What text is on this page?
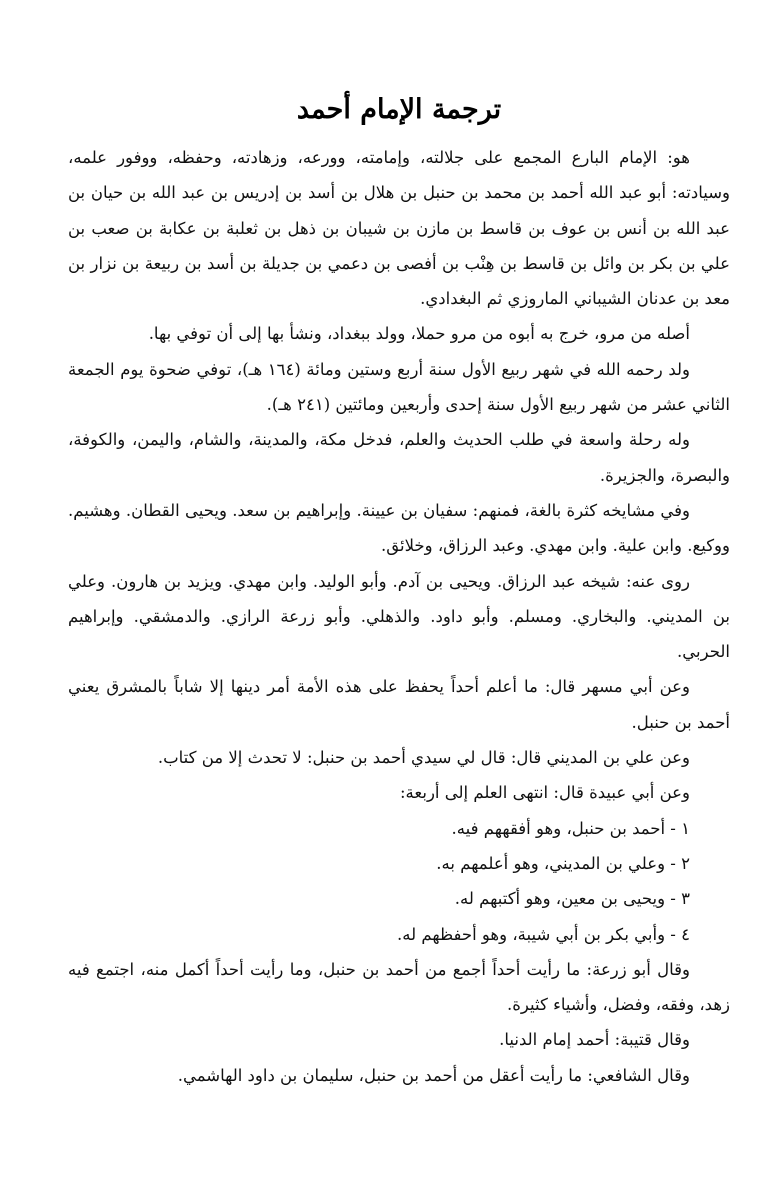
ترجمة الإمام أحمد

هو: الإمام البارع المجمع على جلالته، وإمامته، وورعه، وزهادته، وحفظه، ووفور علمه، وسيادته: أبو عبد الله أحمد بن محمد بن حنبل بن هلال بن أسد بن إدريس بن عبد الله بن حيان بن عبد الله بن أنس بن عوف بن قاسط بن مازن بن شيبان بن ذهل بن ثعلبة بن عكابة بن صعب بن علي بن بكر بن وائل بن قاسط بن هِنْب بن أفصى بن دعمي بن جديلة بن أسد بن ربيعة بن نزار بن معد بن عدنان الشيباني الماروزي ثم البغدادي.

أصله من مرو، خرج به أبوه من مرو حملا، وولد ببغداد، ونشأ بها إلى أن توفي بها.

ولد رحمه الله في شهر ربيع الأول سنة أربع وستين ومائة (١٦٤ هـ)، توفي ضحوة يوم الجمعة الثاني عشر من شهر ربيع الأول سنة إحدى وأربعين ومائتين (٢٤١ هـ).

وله رحلة واسعة في طلب الحديث والعلم، فدخل مكة، والمدينة، والشام، واليمن، والكوفة، والبصرة، والجزيرة.

وفي مشايخه كثرة بالغة، فمنهم: سفيان بن عيينة. وإبراهيم بن سعد. ويحيى القطان. وهشيم. ووكيع. وابن علية. وابن مهدي. وعبد الرزاق، وخلائق.

روى عنه: شيخه عبد الرزاق. ويحيى بن آدم. وأبو الوليد. وابن مهدي. ويزيد بن هارون. وعلي بن المديني. والبخاري. ومسلم. وأبو داود. والذهلي. وأبو زرعة الرازي. والدمشقي. وإبراهيم الحربي.

وعن أبي مسهر قال: ما أعلم أحداً يحفظ على هذه الأمة أمر دينها إلا شاباً بالمشرق يعني أحمد بن حنبل.

وعن علي بن المديني قال: قال لي سيدي أحمد بن حنبل: لا تحدث إلا من كتاب.

وعن أبي عبيدة قال: انتهى العلم إلى أربعة:

١ - أحمد بن حنبل، وهو أفقههم فيه.

٢ - وعلي بن المديني، وهو أعلمهم به.

٣ - ويحيى بن معين، وهو أكتبهم له.

٤ - وأبي بكر بن أبي شيبة، وهو أحفظهم له.

وقال أبو زرعة: ما رأيت أحداً أجمع من أحمد بن حنبل، وما رأيت أحداً أكمل منه، اجتمع فيه زهد، وفقه، وفضل، وأشياء كثيرة.

وقال قتيبة: أحمد إمام الدنيا.

وقال الشافعي: ما رأيت أعقل من أحمد بن حنبل، سليمان بن داود الهاشمي.
